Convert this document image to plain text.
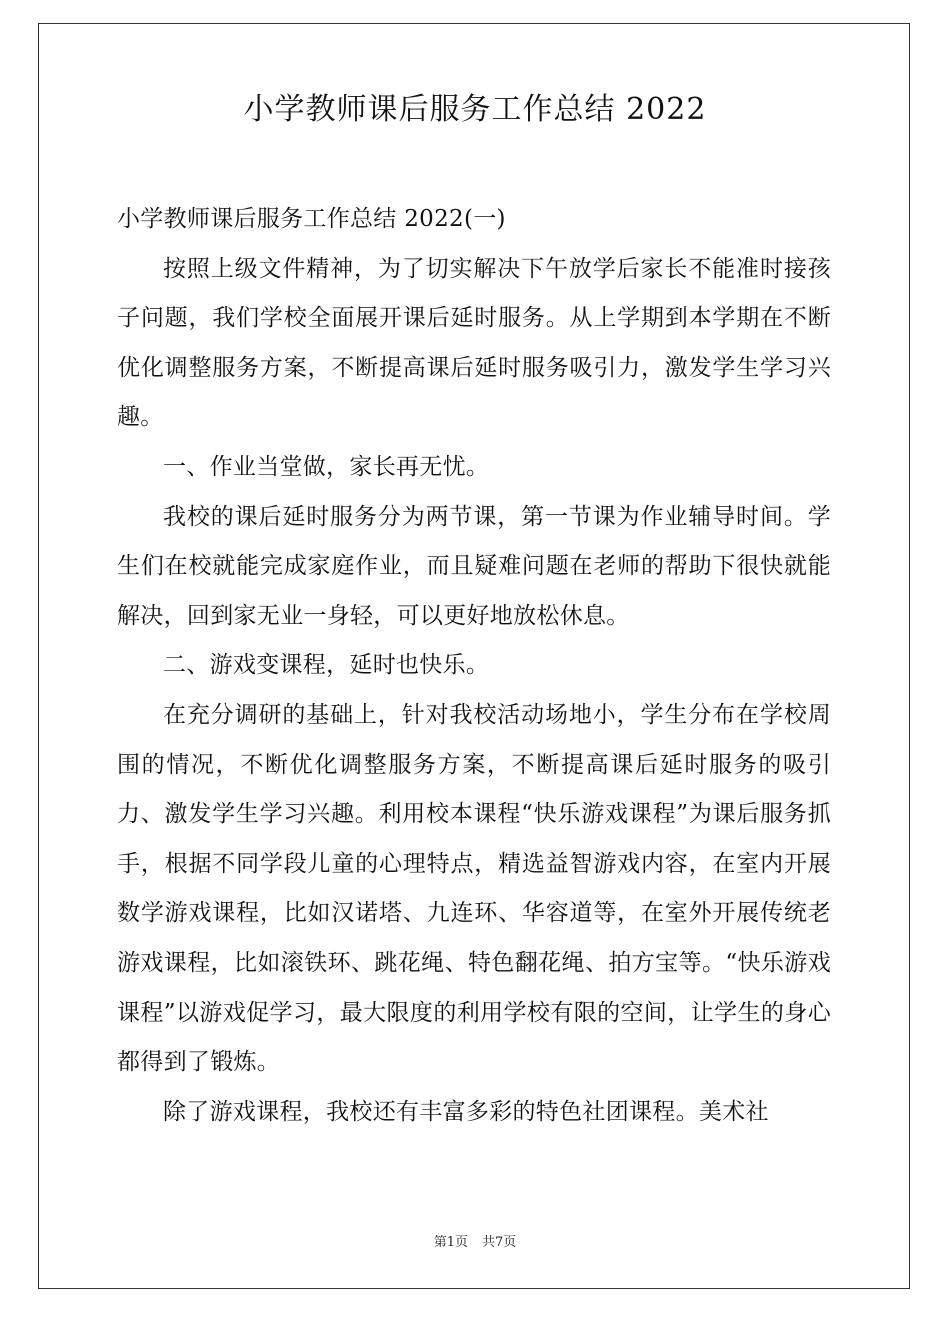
小学教师课后服务工作总结 2022

小学教师课后服务工作总结 2022(一)

按照上级文件精神，为了切实解决下午放学后家长不能准时接孩子问题，我们学校全面展开课后延时服务。从上学期到本学期在不断优化调整服务方案，不断提高课后延时服务吸引力，激发学生学习兴趣。

一、作业当堂做，家长再无忧。

我校的课后延时服务分为两节课，第一节课为作业辅导时间。学生们在校就能完成家庭作业，而且疑难问题在老师的帮助下很快就能解决，回到家无业一身轻，可以更好地放松休息。

二、游戏变课程，延时也快乐。

在充分调研的基础上，针对我校活动场地小，学生分布在学校周围的情况，不断优化调整服务方案，不断提高课后延时服务的吸引力、激发学生学习兴趣。利用校本课程“快乐游戏课程”为课后服务抓手，根据不同学段儿童的心理特点，精选益智游戏内容，在室内开展数学游戏课程，比如汉诺塔、九连环、华容道等，在室外开展传统老游戏课程，比如滚铁环、跳花绳、特色翻花绳、拍方宝等。“快乐游戏课程”以游戏促学习，最大限度的利用学校有限的空间，让学生的身心都得到了锻炼。

除了游戏课程，我校还有丰富多彩的特色社团课程。美术社

第1页 共7页
